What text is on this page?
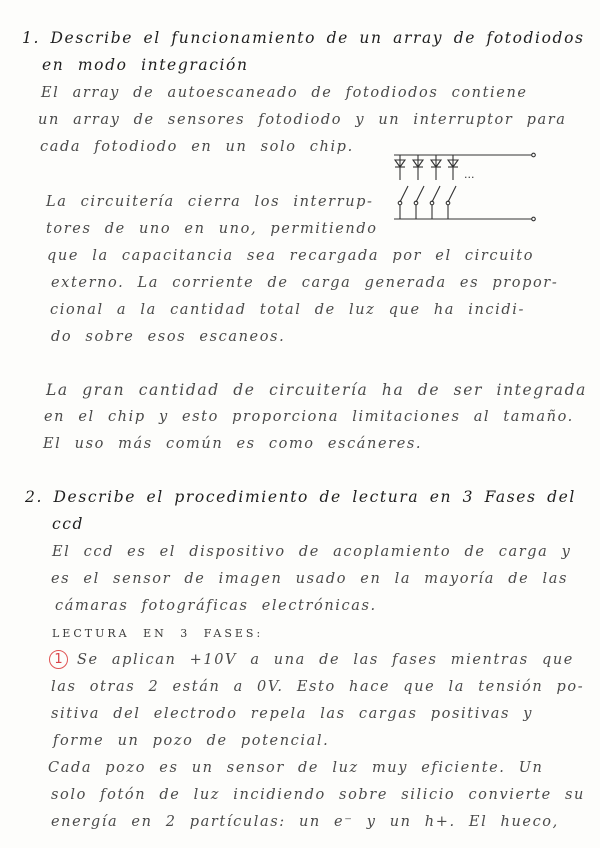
1. Describe el funcionamiento de un array de fotodiodos
en modo integración
El array de autoescaneado de fotodiodos contiene
un array de sensores fotodiodo y un interruptor para
cada fotodiodo en un solo chip.
...
La circuitería cierra los interrup-
tores de uno en uno, permitiendo
que la capacitancia sea recargada por el circuito
externo. La corriente de carga generada es propor-
cional a la cantidad total de luz que ha incidi-
do sobre esos escaneos.
La gran cantidad de circuitería ha de ser integrada
en el chip y esto proporciona limitaciones al tamaño.
El uso más común es como escáneres.
2. Describe el procedimiento de lectura en 3 Fases del
ccd
El ccd es el dispositivo de acoplamiento de carga y
es el sensor de imagen usado en la mayoría de las
cámaras fotográficas electrónicas.
LECTURA EN 3 FASES:
1 Se aplican +10V a una de las fases mientras que
las otras 2 están a 0V. Esto hace que la tensión po-
sitiva del electrodo repela las cargas positivas y
forme un pozo de potencial.
Cada pozo es un sensor de luz muy eficiente. Un
solo fotón de luz incidiendo sobre silicio convierte su
energía en 2 partículas: un e⁻ y un h+. El hueco,
